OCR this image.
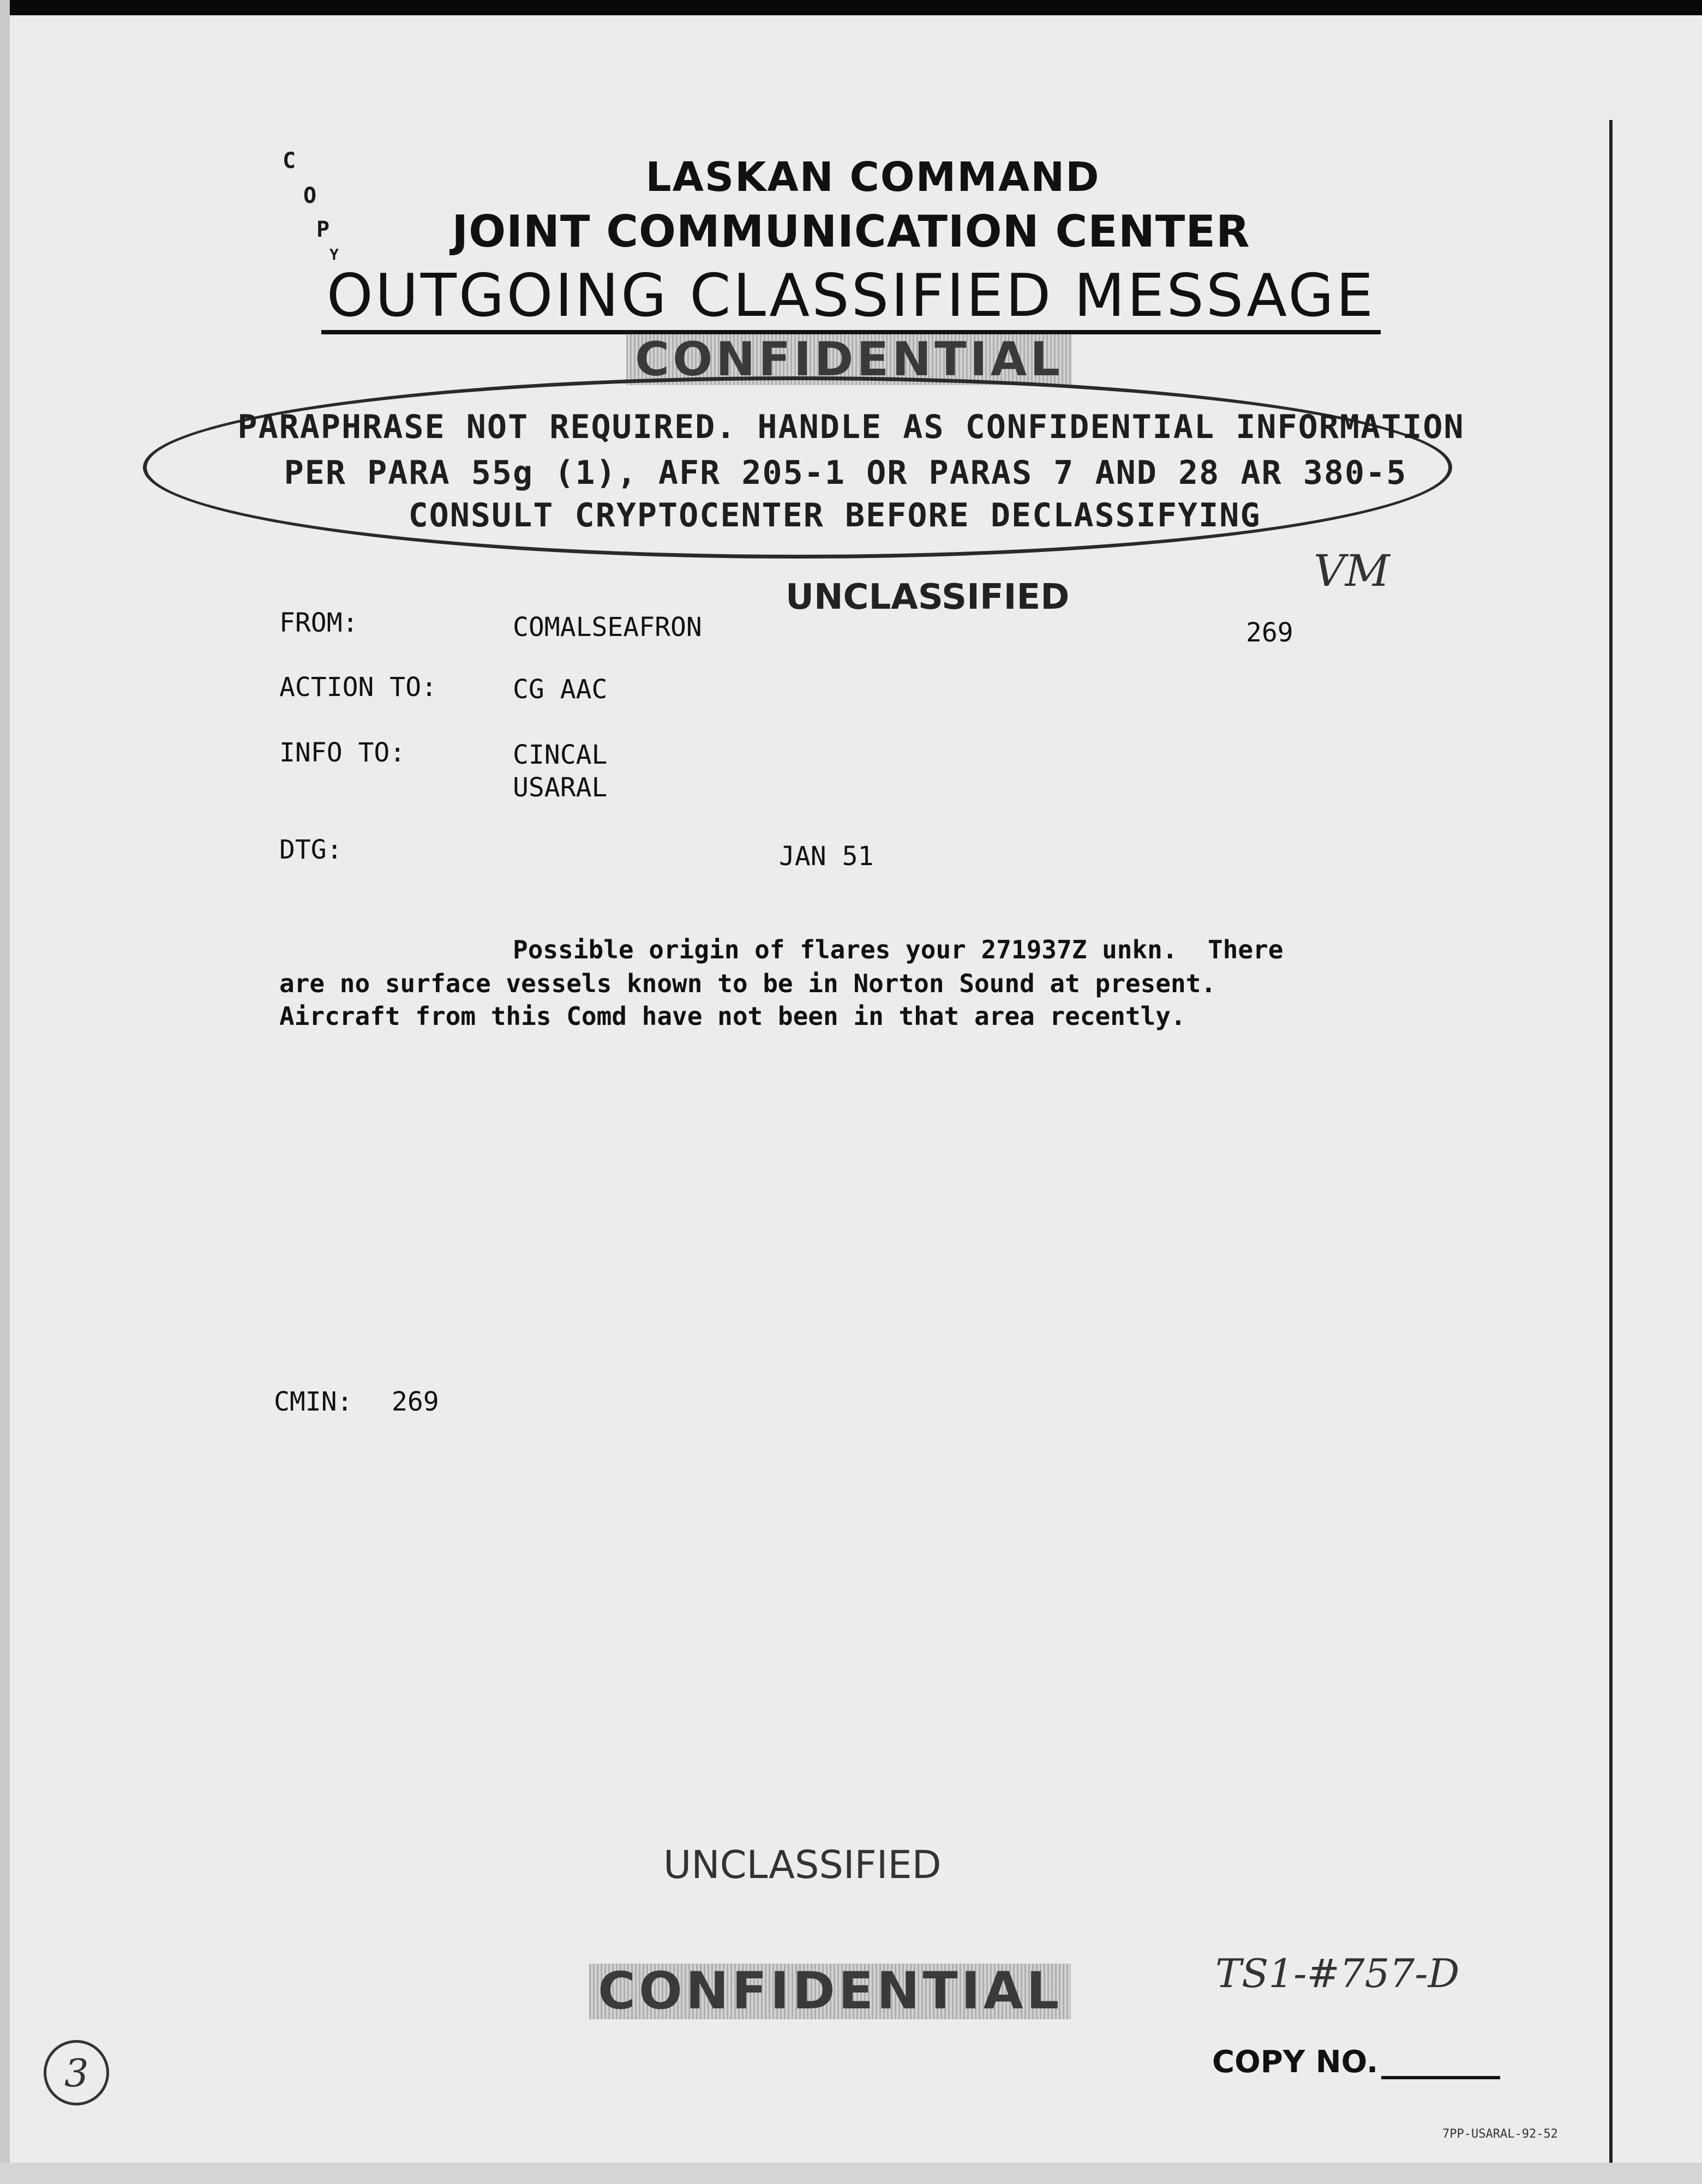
C
O
P
Y
LASKAN COMMAND
JOINT COMMUNICATION CENTER
OUTGOING CLASSIFIED MESSAGE
CONFIDENTIAL
PARAPHRASE NOT REQUIRED. HANDLE AS CONFIDENTIAL INFORMATION
PER PARA 55g (1), AFR 205-1 OR PARAS 7 AND 28 AR 380-5
CONSULT CRYPTOCENTER BEFORE DECLASSIFYING
VM
UNCLASSIFIED
269
FROM:	COMALSEAFRON
ACTION TO:	CG AAC
INFO TO:	CINCAL
USARAL
DTG:	JAN 51
Possible origin of flares your 271937Z unkn.  There
are no surface vessels known to be in Norton Sound at present.
Aircraft from this Comd have not been in that area recently.
CMIN: 269
UNCLASSIFIED
CONFIDENTIAL	TS1-#757-D
COPY NO.
3
7PP-USARAL-92-52
